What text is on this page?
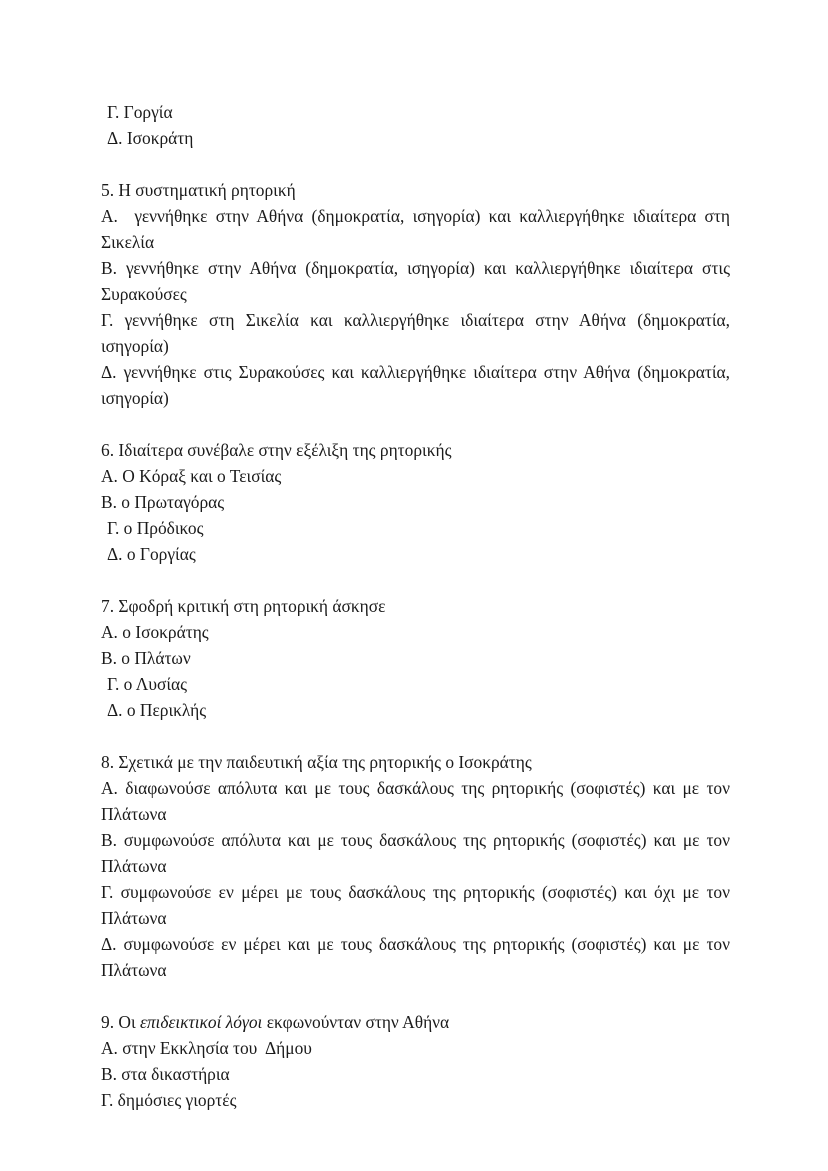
Γ. Γοργία

Δ. Ισοκράτη

5. Η συστηματική ρητορική

Α.  γεννήθηκε στην Αθήνα (δημοκρατία, ισηγορία) και καλλιεργήθηκε ιδιαίτερα στη Σικελία

Β. γεννήθηκε στην Αθήνα (δημοκρατία, ισηγορία) και καλλιεργήθηκε ιδιαίτερα στις Συρακούσες

Γ. γεννήθηκε στη Σικελία και καλλιεργήθηκε ιδιαίτερα στην Αθήνα (δημοκρατία, ισηγορία)

Δ. γεννήθηκε στις Συρακούσες και καλλιεργήθηκε ιδιαίτερα στην Αθήνα (δημοκρατία, ισηγορία)

6. Ιδιαίτερα συνέβαλε στην εξέλιξη της ρητορικής

Α. Ο Κόραξ και ο Τεισίας

Β. ο Πρωταγόρας

Γ. ο Πρόδικος

Δ. ο Γοργίας

7. Σφοδρή κριτική στη ρητορική άσκησε

Α. ο Ισοκράτης

Β. ο Πλάτων

Γ. ο Λυσίας

Δ. ο Περικλής

8. Σχετικά με την παιδευτική αξία της ρητορικής ο Ισοκράτης

Α. διαφωνούσε απόλυτα και με τους δασκάλους της ρητορικής (σοφιστές) και με τον Πλάτωνα

Β. συμφωνούσε απόλυτα και με τους δασκάλους της ρητορικής (σοφιστές) και με τον Πλάτωνα

Γ. συμφωνούσε εν μέρει με τους δασκάλους της ρητορικής (σοφιστές) και όχι με τον Πλάτωνα

Δ. συμφωνούσε εν μέρει και με τους δασκάλους της ρητορικής (σοφιστές) και με τον Πλάτωνα

9. Οι επιδεικτικοί λόγοι εκφωνούνταν στην Αθήνα

Α. στην Εκκλησία του  Δήμου

Β. στα δικαστήρια

Γ. δημόσιες γιορτές
